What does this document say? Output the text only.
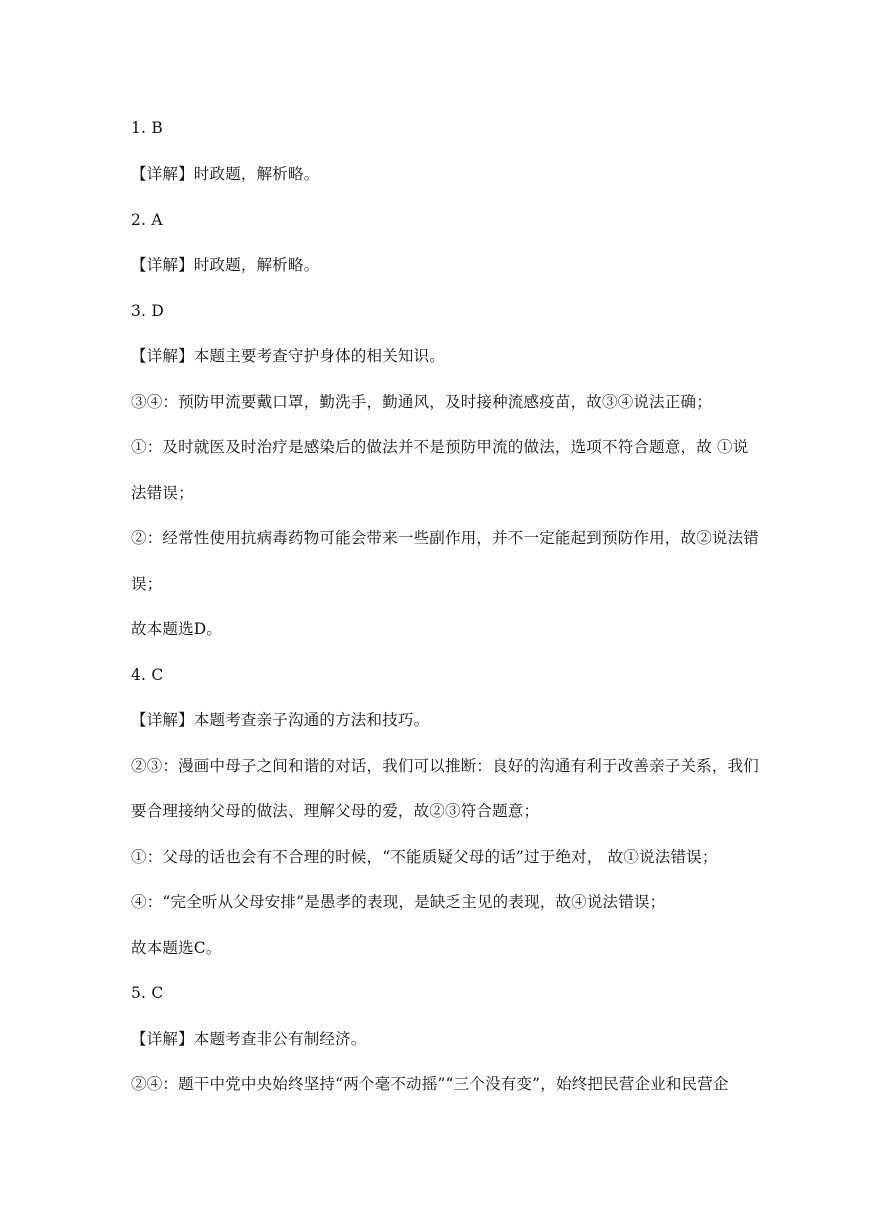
1. B
【详解】时政题，解析略。
2. A
【详解】时政题，解析略。
3. D
【详解】本题主要考查守护身体的相关知识。
③④：预防甲流要戴口罩，勤洗手，勤通风，及时接种流感疫苗，故③④说法正确；
①：及时就医及时治疗是感染后的做法并不是预防甲流的做法，选项不符合题意，故 ①说
法错误；
②：经常性使用抗病毒药物可能会带来一些副作用，并不一定能起到预防作用，故②说法错
误；
故本题选D。
4. C
【详解】本题考查亲子沟通的方法和技巧。
②③：漫画中母子之间和谐的对话，我们可以推断：良好的沟通有利于改善亲子关系，我们
要合理接纳父母的做法、理解父母的爱，故②③符合题意；
①：父母的话也会有不合理的时候，“不能质疑父母的话”过于绝对， 故①说法错误；
④：“完全听从父母安排”是愚孝的表现，是缺乏主见的表现，故④说法错误；
故本题选C。
5. C
【详解】本题考查非公有制经济。
②④：题干中党中央始终坚持“两个毫不动摇”“三个没有变”，始终把民营企业和民营企
